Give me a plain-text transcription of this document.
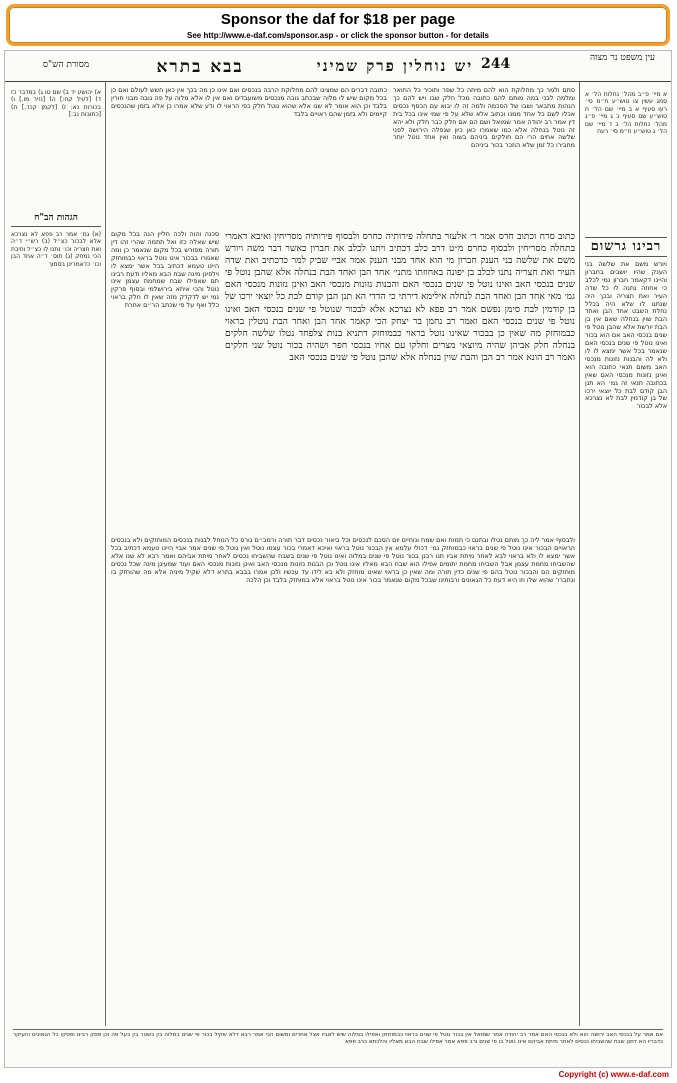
Sponsor the daf for $18 per page
See http://www.e-daf.com/sponsor.asp - or click the sponsor button - for details
244
יש נוחלין פרק שמיני
בבא בתרא	עין משפט נר מצוה
מסורת הש"ס
א מיי׳ פ״ב מהל׳ נחלות הל׳ א סמג עשין צו טוש״ע ח״מ סי׳ רעו סעיף א ב מיי׳ שם הל׳ ח טוש״ע שם סעיף ב ג מיי׳ פ״ג מהל׳ נחלות הל׳ ב ד מיי׳ שם הל׳ ג טוש״ע ח״מ סי׳ רעח
רבינו גרשום
ויורש משם את שלשה בני הענק שהיו יושבים בחברון והיינו דקאמר חברון נמי לכלב כי אחוזה נתנה לו כל שדה העיר ואת חצריה ובכך היה שנתנו לו שלא היה בכלל נחלת השבט אחד הבן ואחד הבת שוין בנחלה שאם אין בן הבת יורשת אלא שהבן נוטל פי שנים בנכסי האב אם הוא בכור ואינו נוטל פי שנים בנכסי האם שנאמר בכל אשר ימצא לו לו ולא לה והבנות נזונות מנכסי האב משום תנאי כתובה הוא ואינן נזונות מנכסי האם שאין בכתובה תנאי זה גמ׳ הא תנן הבן קודם לבת כל יוצאי ירכו של בן קודמין לבת לא נצרכא אלא לבכור
א) יהושע יד ב) שם טו ג) במדבר כז ד) [לעיל קח:] ה) [נזיר מו.] ו) בכורות נא: ז) [לקמן קכד.] ח) [כתובות נב:]
הגהות הב"ח
(א) גמ׳ אמר רב פפא לא נצרכא אלא לבכור כצ״ל (ב) רש״י ד״ה ואת חצריה וכו׳ נתנו לו כצ״ל ותיבת הכי נמחק (ג) תוס׳ ד״ה אחד הבן וכו׳ כדאמרינן בסמוך
סתם ולמר כך מחלוקת הוא להם מיתה כל שפר ותוכיר כל התואר ומלמה לבני במה מותם להם כתובה מכל חלק שבו ויש להם כך הנהות מתבאר ושבו של הסכמה ולמה זה לו יבוא עם הכסף נכסים אכלו לשם כל אחד ממנו וכתוב אלא שלא על פי שמי אינו בכל בית דין אמר רב יהודה אמר שמואל ושם הם אם חלק כבר חלק ולא יהא זה נוטל בנחלה אלא כמו שאמרו כאן כיון שנפלה הירושה לפני שלשה אחים הרי הם חולקים ביניהם בשוה ואין אחד נוטל יותר מחבירו כל זמן שלא הוזכר בכור ביניהם
כתובה דברים הם שמצינו להם מחלוקת הרבה בנכסים ואם אינו כן מה בכך אין כאן חשש לעולם ואם כן בכל מקום שיש לו מלוה שבכתב גובה מנכסים משועבדים ואם אין לו אלא מלוה על פה גובה מבני חורין בלבד וכן הוא אומר לא שנו אלא שהוא נוטל חלק כפי הראוי לו ודע שלא אמרו כן אלא בזמן שהנכסים קיימים ולא בזמן שהם ראויים בלבד
סכנה והוה ולכה חליין הנה בכל מקום שיש שאלה כזו ואל תתמה שהרי זהו דין תורה מפורש בכל מקום שנאמר כן ומה שאמרו בבכור אינו נוטל בראוי כבמוחזק היינו טעמא דכתיב בכל אשר ימצא לו וילפינן מינה שבח הבא מאליו ודעת רבינו תם שאפילו שבח שמחמת עצמן אינו נוטל והכי איתא בירושלמי ובסוף פרקין נמי יש לדקדק מזה שאין לו חלק בראוי כלל ואף על פי שכתב הר״ם אחרת
כתוב סרח וכתוב חדס אמר ר׳ אלעזר בתחלה פירותיה כחרס ולבסוף פירותיה מסריחין ואיבא דאמרי בתחלה מסריחין ולבסוף כחרס מ״ט דרב כלב דכתיב ויתנו לכלב את חברון כאשר דבר משה ויורש משם את שלשה בני הענק חברון מי הוא אחד מבני הענק אמר אביי שביק למר כדכתיב ואת שדה העיר ואת חצריה נתנו לכלב בן יפונה באחוזתו מתני׳ אחד הבן ואחד הבת בנחלה אלא שהבן נוטל פי שנים בנכסי האב ואינו נוטל פי שנים בנכסי האם והבנות נזונות מנכסי האב ואינן נזונות מנכסי האם גמ׳ מאי אחד הבן ואחד הבת לנחלה אילימא דירתי כי הדדי הא תנן הבן קודם לבת כל יוצאי ירכו של בן קודמין לבת סימן נפשם אמר רב פפא לא נצרכא אלא לבכור שנוטל פי שנים בנכסי האב ואינו נוטל פי שנים בנכסי האם ואמר רב נחמן בר יצחק הכי קאמר אחד הבן ואחד הבת נוטלין בראוי כבמוחזק מה שאין כן בבכור שאינו נוטל בראוי כבמוחזק דתניא בנות צלפחד נטלו שלשה חלקים בנחלה חלק אביהן שהיה מיוצאי מצרים וחלקו עם אחיו בנכסי חפר ושהיה בכור נוטל שני חלקים ואמר רב הונא אמר רב הבן והבת שוין בנחלה אלא שהבן נוטל פי שנים בנכסי האב
ולבסוף אמר ליה כך מותם נטלו ובתנם כי תמות ואם שמח ונוחיים יום הסכם לנכסים וכל ביאור נכסים דבר תורה ורמב״ם גורס כל הנוחל לבנות בנכסים המוחזקים ולא בנכסים הראויים הבכור אינו נוטל פי שנים בראוי כבמוחזק גמ׳ דכולי עלמא אין הבכור נוטל בראוי ואיכא דאמרי בכור עצמו נוטל ואין נוטל פי שנים אמר אביי היינו טעמא דכתיב בכל אשר ימצא לו ולא בראוי לבא לאחר מיתת אביו תנו רבנן בכור נוטל פי שנים במלוה ואינו נוטל פי שנים בשבח שהשביחו נכסים לאחר מיתת אביהם ואמר רבא לא שנו אלא שהשביחו מחמת עצמן אבל השביחו מחמת יתומים אפילו הוא שבח הבא מאליו אינו נוטל וכן הבנות נזונות מנכסי האב ואינן נזונות מנכסי האם ועוד שמעינן מינה שכל נכסים מוחזקים הם והבכור נוטל בהם פי שנים כדין תורה ומה שאין כן בראוי שאינו מוחזק ולא בא לידו עד עכשיו ולכן אמרו בבבא בתרא דלא שקיל מיניה אלא מה שהוחזק בו ונתברר שהוא שלו וזו היא דעת כל הגאונים ורבותינו שבכל מקום שנאמר בכור אינו נוטל בראוי אלא במוחזק בלבד וכן הלכה
אם אמר על בנכסי האב ירושה הוא ולא בנכסי האם אמר רב יהודה אמר שמואל אין בכור נוטל פי שנים בראוי כבמוחזק ואפילו במלוה שיש לאביו אצל אחרים ומשום הכי אמר רבא דלא שקיל בכור פי שנים במלוה בין בשטר בין בעל פה וכן פסק רבינו ופסקו כל הגאונים והעיקר כדבריו הא דתנן שבח שהשביחו נכסים לאחר מיתת אביהם אינו נוטל בו פי שנים ורב פפא אמר אפילו שבח הבא מאליו והלכתא כרב פפא
Copyright (c) www.e-daf.com
